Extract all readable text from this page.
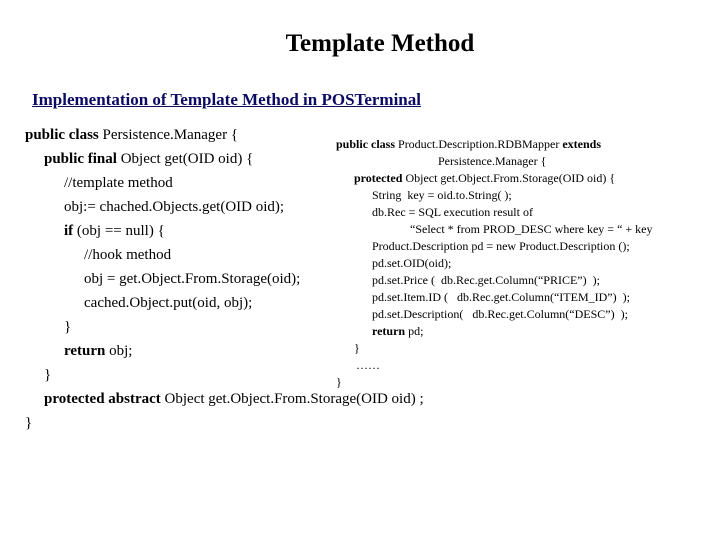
Template Method
Implementation of Template Method in POSTerminal
public class Persistence.Manager {
public final Object get(OID oid) {
//template method
obj:= chached.Objects.get(OID oid);
if (obj == null) {
//hook method
obj = get.Object.From.Storage(oid);
cached.Object.put(oid, obj);
}
return obj;
}
protected abstract Object get.Object.From.Storage(OID oid) ;
}
public class Product.Description.RDBMapper extends
Persistence.Manager {
protected Object get.Object.From.Storage(OID oid) {
String  key = oid.to.String( );
db.Rec = SQL execution result of
“Select * from PROD_DESC where key = “ + key
Product.Description pd = new Product.Description ();
pd.set.OID(oid);
pd.set.Price (  db.Rec.get.Column(“PRICE”)  );
pd.set.Item.ID (   db.Rec.get.Column(“ITEM_ID”)  );
pd.set.Description(   db.Rec.get.Column(“DESC”)  );
return pd;
}
……
}
